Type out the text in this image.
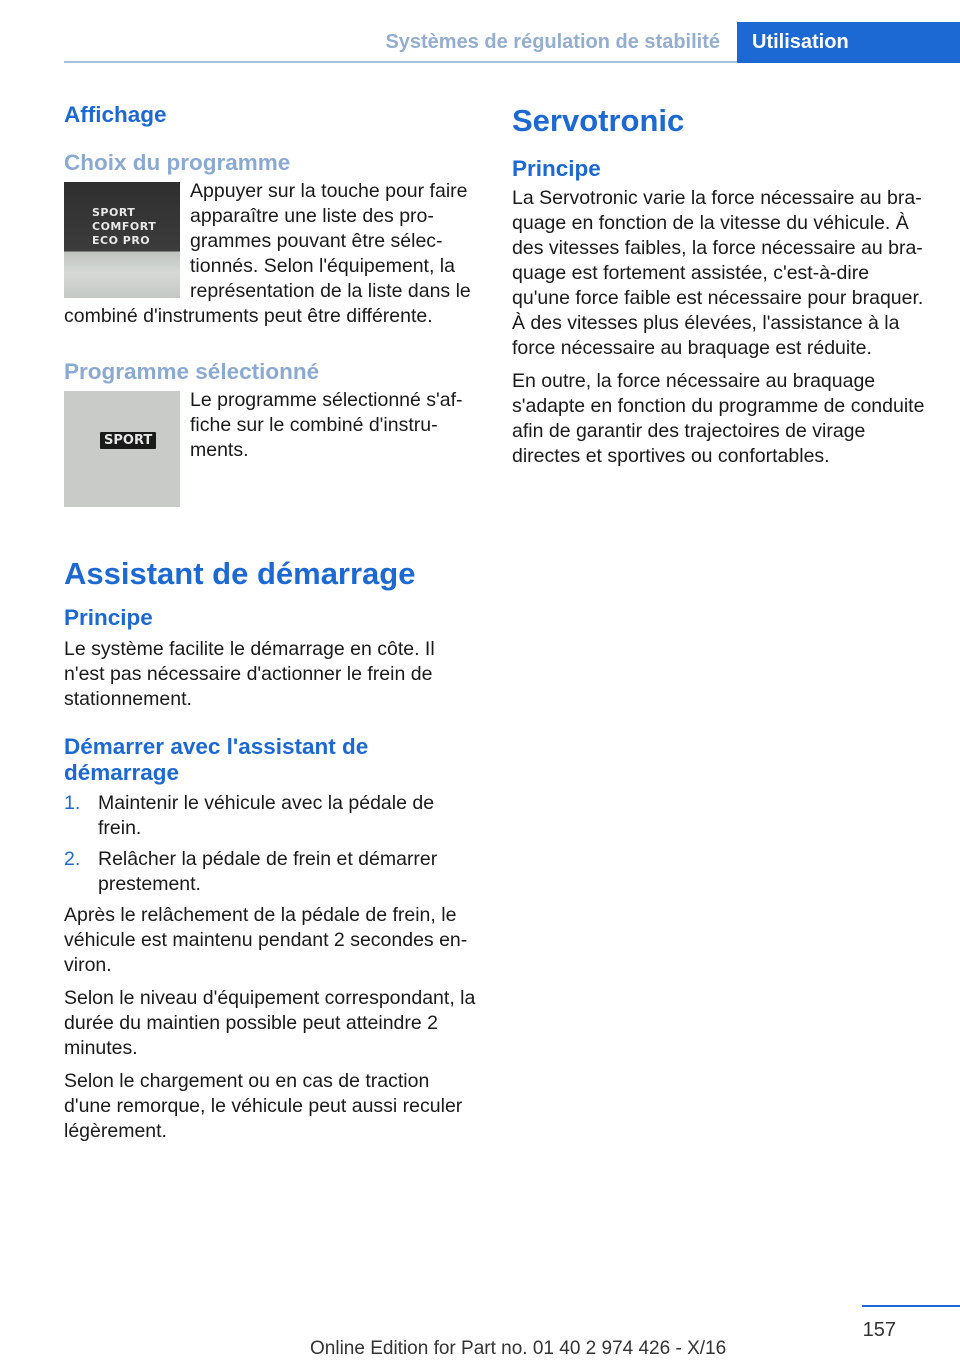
Systèmes de régulation de stabilité	Utilisation
Affichage
Choix du programme
SPORT
COMFORT
ECO PRO

Appuyer sur la touche pour faire apparaître une liste des programmes pouvant être sélectionnés. Selon l'équipement, la représentation de la liste dans le combiné d'instruments peut être différente.

Programme sélectionné
SPORT

Le programme sélectionné s'affiche sur le combiné d'instruments.

Assistant de démarrage
Principe

Le système facilite le démarrage en côte. Il n'est pas nécessaire d'actionner le frein de stationnement.

Démarrer avec l'assistant de démarrage
1. Maintenir le véhicule avec la pédale de frein.
2. Relâcher la pédale de frein et démarrer prestement.

Après le relâchement de la pédale de frein, le véhicule est maintenu pendant 2 secondes environ.

Selon le niveau d'équipement correspondant, la durée du maintien possible peut atteindre 2 minutes.

Selon le chargement ou en cas de traction d'une remorque, le véhicule peut aussi reculer légèrement.

Servotronic
Principe

La Servotronic varie la force nécessaire au braquage en fonction de la vitesse du véhicule. À des vitesses faibles, la force nécessaire au braquage est fortement assistée, c'est-à-dire qu'une force faible est nécessaire pour braquer. À des vitesses plus élevées, l'assistance à la force nécessaire au braquage est réduite.

En outre, la force nécessaire au braquage s'adapte en fonction du programme de conduite afin de garantir des trajectoires de virage directes et sportives ou confortables.

157
Online Edition for Part no. 01 40 2 974 426 - X/16
